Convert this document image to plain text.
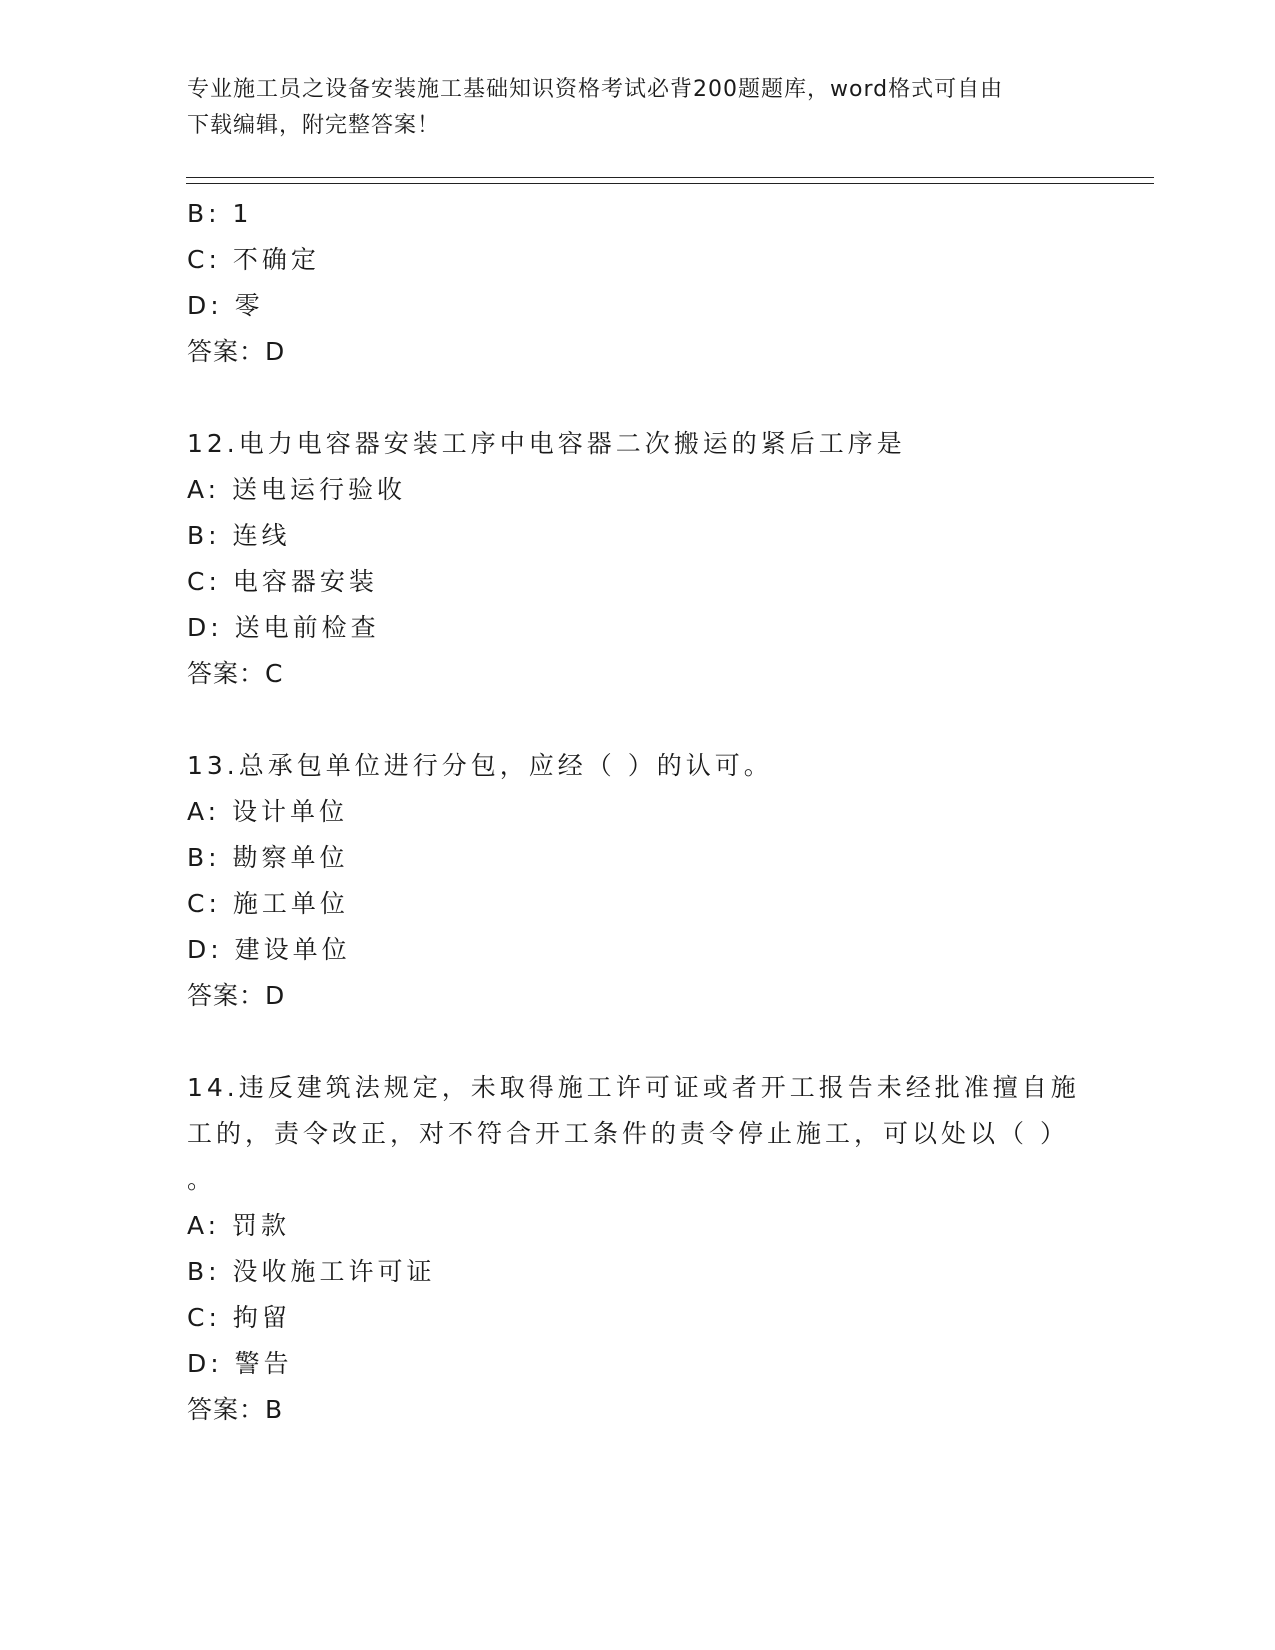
专业施工员之设备安装施工基础知识资格考试必背200题题库，word格式可自由
下载编辑，附完整答案！
B: 1
C: 不确定
D: 零
答案：D
12.电力电容器安装工序中电容器二次搬运的紧后工序是
A: 送电运行验收
B: 连线
C: 电容器安装
D: 送电前检查
答案：C
13.总承包单位进行分包，应经（ ）的认可。
A: 设计单位
B: 勘察单位
C: 施工单位
D: 建设单位
答案：D
14.违反建筑法规定，未取得施工许可证或者开工报告未经批准擅自施
工的，责令改正，对不符合开工条件的责令停止施工，可以处以（ ）
。
A: 罚款
B: 没收施工许可证
C: 拘留
D: 警告
答案：B
